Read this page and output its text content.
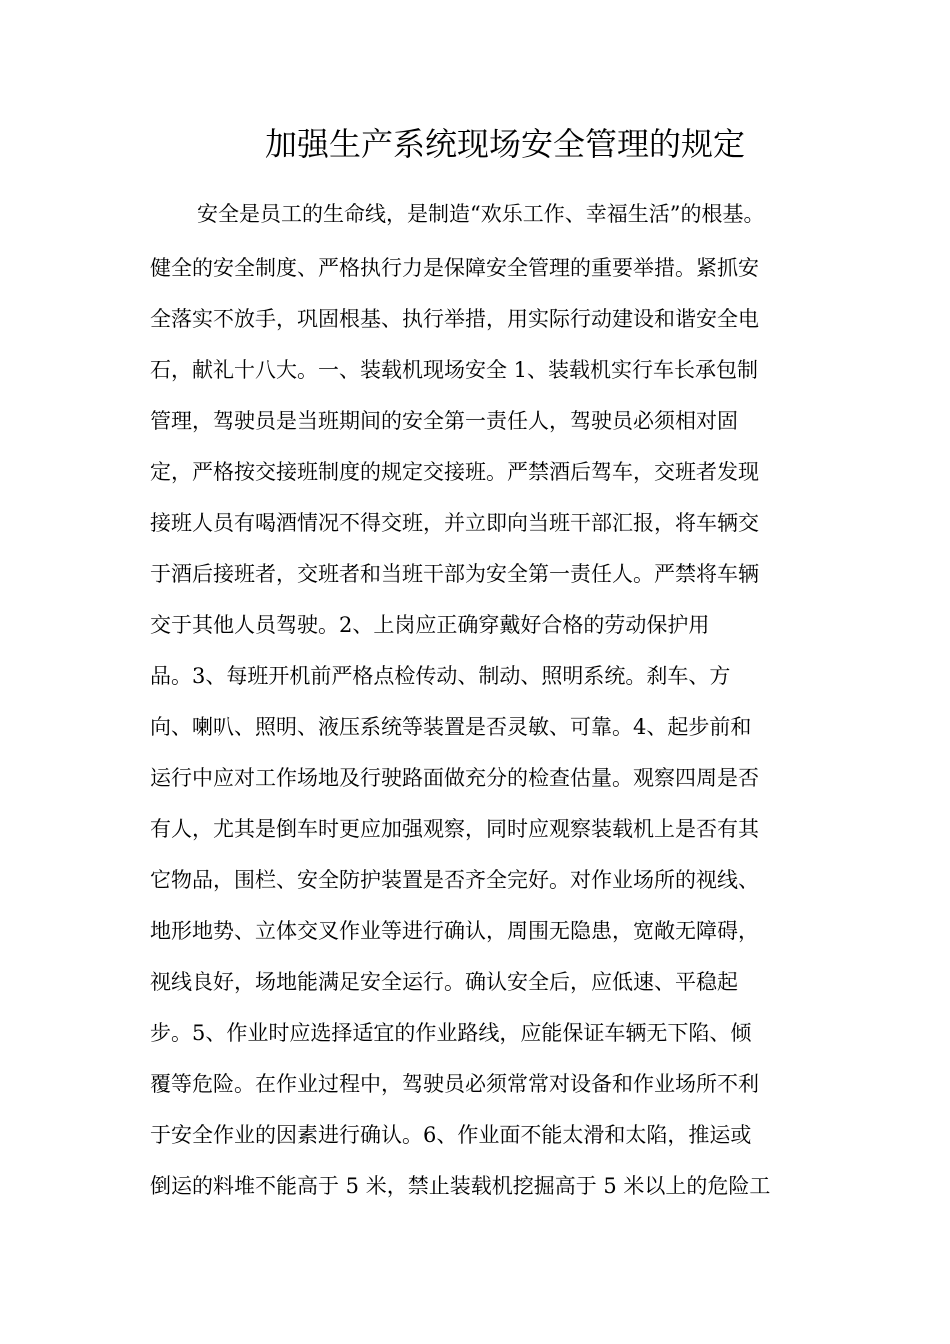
加强生产系统现场安全管理的规定
安全是员工的生命线，是制造“欢乐工作、幸福生活”的根基。
健全的安全制度、严格执行力是保障安全管理的重要举措。紧抓安
全落实不放手，巩固根基、执行举措，用实际行动建设和谐安全电
石，献礼十八大。一、装载机现场安全 1、装载机实行车长承包制
管理，驾驶员是当班期间的安全第一责任人，驾驶员必须相对固
定，严格按交接班制度的规定交接班。严禁酒后驾车，交班者发现
接班人员有喝酒情况不得交班，并立即向当班干部汇报，将车辆交
于酒后接班者，交班者和当班干部为安全第一责任人。严禁将车辆
交于其他人员驾驶。2、上岗应正确穿戴好合格的劳动保护用
品。3、每班开机前严格点检传动、制动、照明系统。刹车、方
向、喇叭、照明、液压系统等装置是否灵敏、可靠。4、起步前和
运行中应对工作场地及行驶路面做充分的检查估量。观察四周是否
有人，尤其是倒车时更应加强观察，同时应观察装载机上是否有其
它物品，围栏、安全防护装置是否齐全完好。对作业场所的视线、
地形地势、立体交叉作业等进行确认，周围无隐患，宽敞无障碍，
视线良好，场地能满足安全运行。确认安全后，应低速、平稳起
步。5、作业时应选择适宜的作业路线，应能保证车辆无下陷、倾
覆等危险。在作业过程中，驾驶员必须常常对设备和作业场所不利
于安全作业的因素进行确认。6、作业面不能太滑和太陷，推运或
倒运的料堆不能高于 5 米，禁止装载机挖掘高于 5 米以上的危险工
